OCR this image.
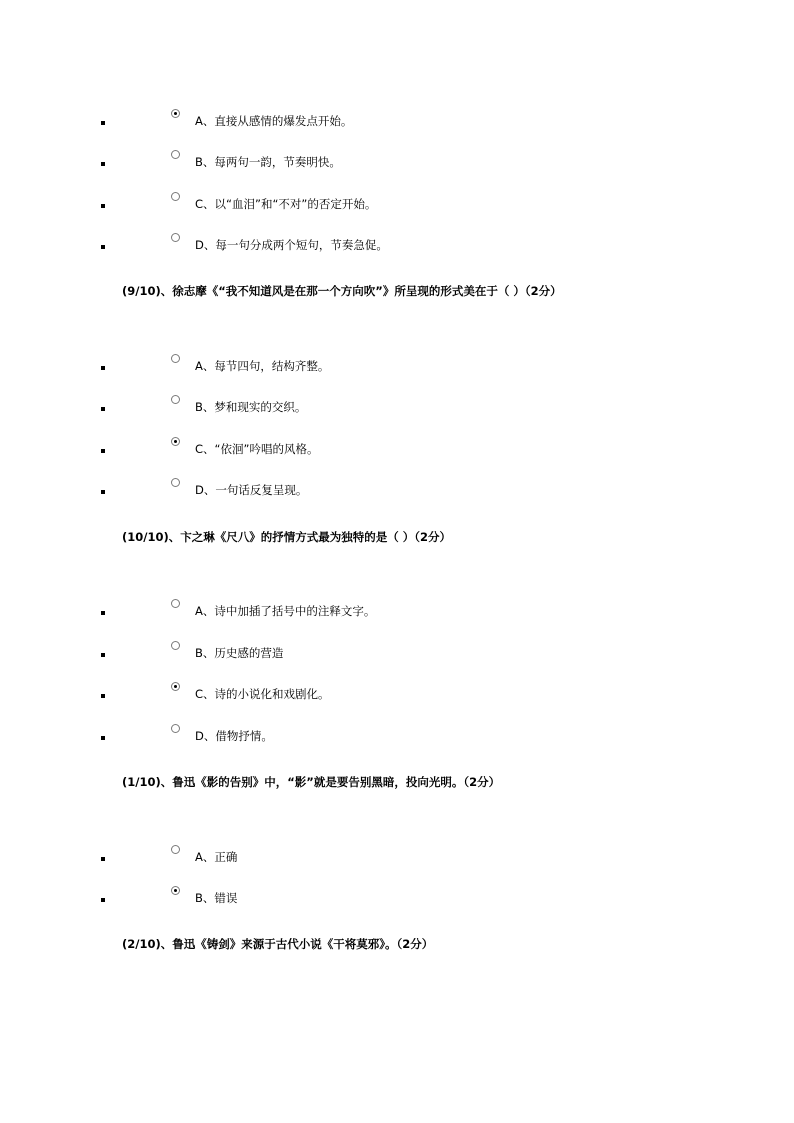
A、直接从感情的爆发点开始。
B、每两句一韵，节奏明快。
C、以“血泪”和“不对”的否定开始。
D、每一句分成两个短句，节奏急促。
(9/10)、徐志摩《“我不知道风是在那一个方向吹”》所呈现的形式美在于（ ）（2分）
A、每节四句，结构齐整。
B、梦和现实的交织。
C、“依洄”吟唱的风格。
D、一句话反复呈现。
(10/10)、卞之琳《尺八》的抒情方式最为独特的是（ ）（2分）
A、诗中加插了括号中的注释文字。
B、历史感的营造
C、诗的小说化和戏剧化。
D、借物抒情。
(1/10)、鲁迅《影的告别》中，“影”就是要告别黑暗，投向光明。（2分）
A、正确
B、错误
(2/10)、鲁迅《铸剑》来源于古代小说《干将莫邪》。（2分）
